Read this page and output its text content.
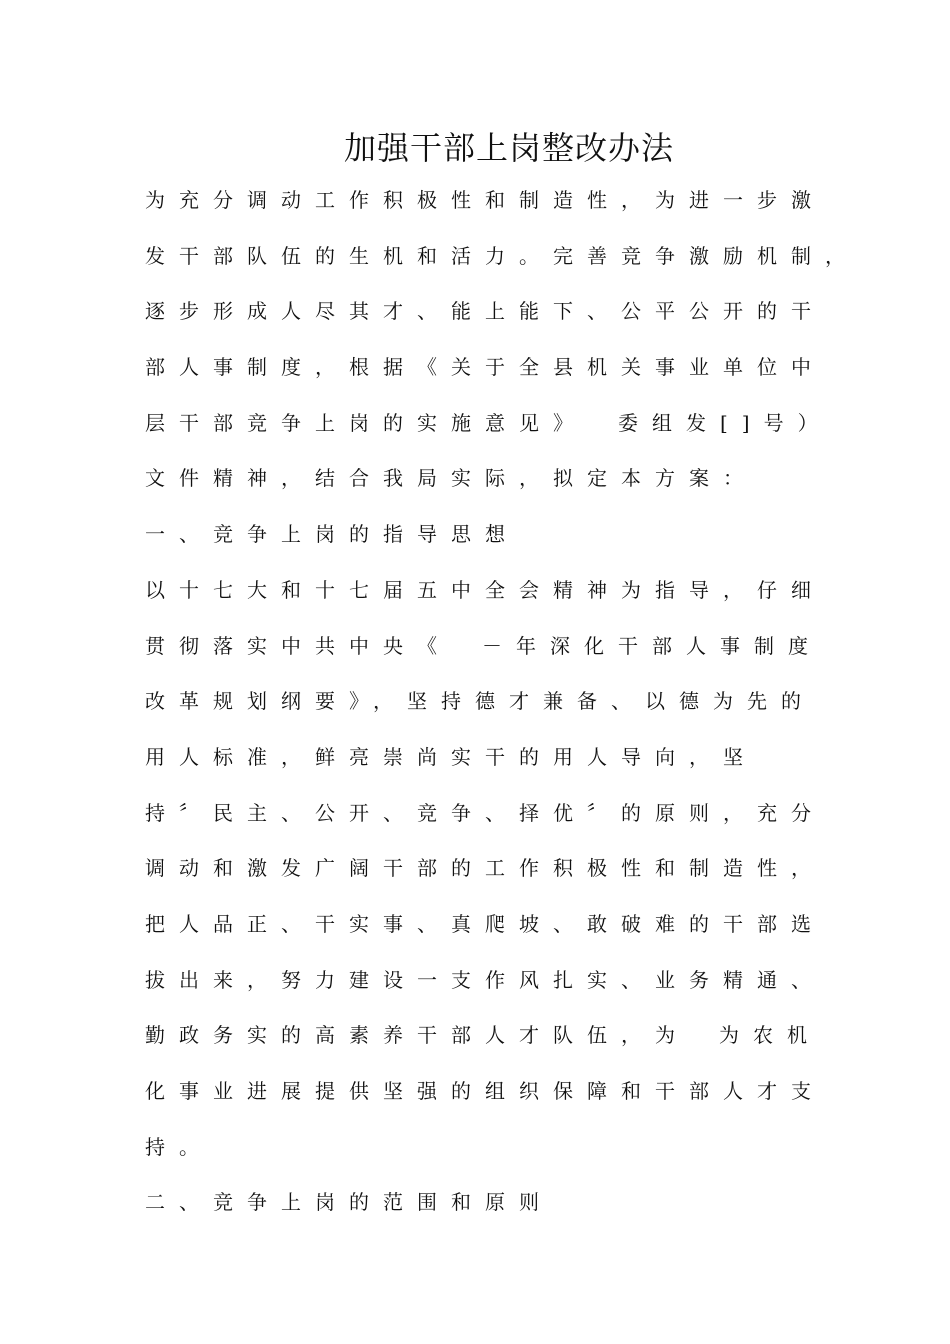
加强干部上岗整改办法
为充分调动工作积极性和制造性，为进一步激
发干部队伍的生机和活力。完善竞争激励机制，
逐步形成人尽其才、能上能下、公平公开的干
部人事制度，根据《关于全县机关事业单位中
层干部竞争上岗的实施意见》 委组发[]号）
文件精神，结合我局实际，拟定本方案：
一、竞争上岗的指导思想
以十七大和十七届五中全会精神为指导，仔细
贯彻落实中共中央《 －年深化干部人事制度
改革规划纲要》，坚持德才兼备、以德为先的
用人标准，鲜亮崇尚实干的用人导向，坚
持〞民主、公开、竞争、择优〞的原则，充分
调动和激发广阔干部的工作积极性和制造性，
把人品正、干实事、真爬坡、敢破难的干部选
拔出来，努力建设一支作风扎实、业务精通、
勤政务实的高素养干部人才队伍，为 为农机
化事业进展提供坚强的组织保障和干部人才支
持。
二、竞争上岗的范围和原则
